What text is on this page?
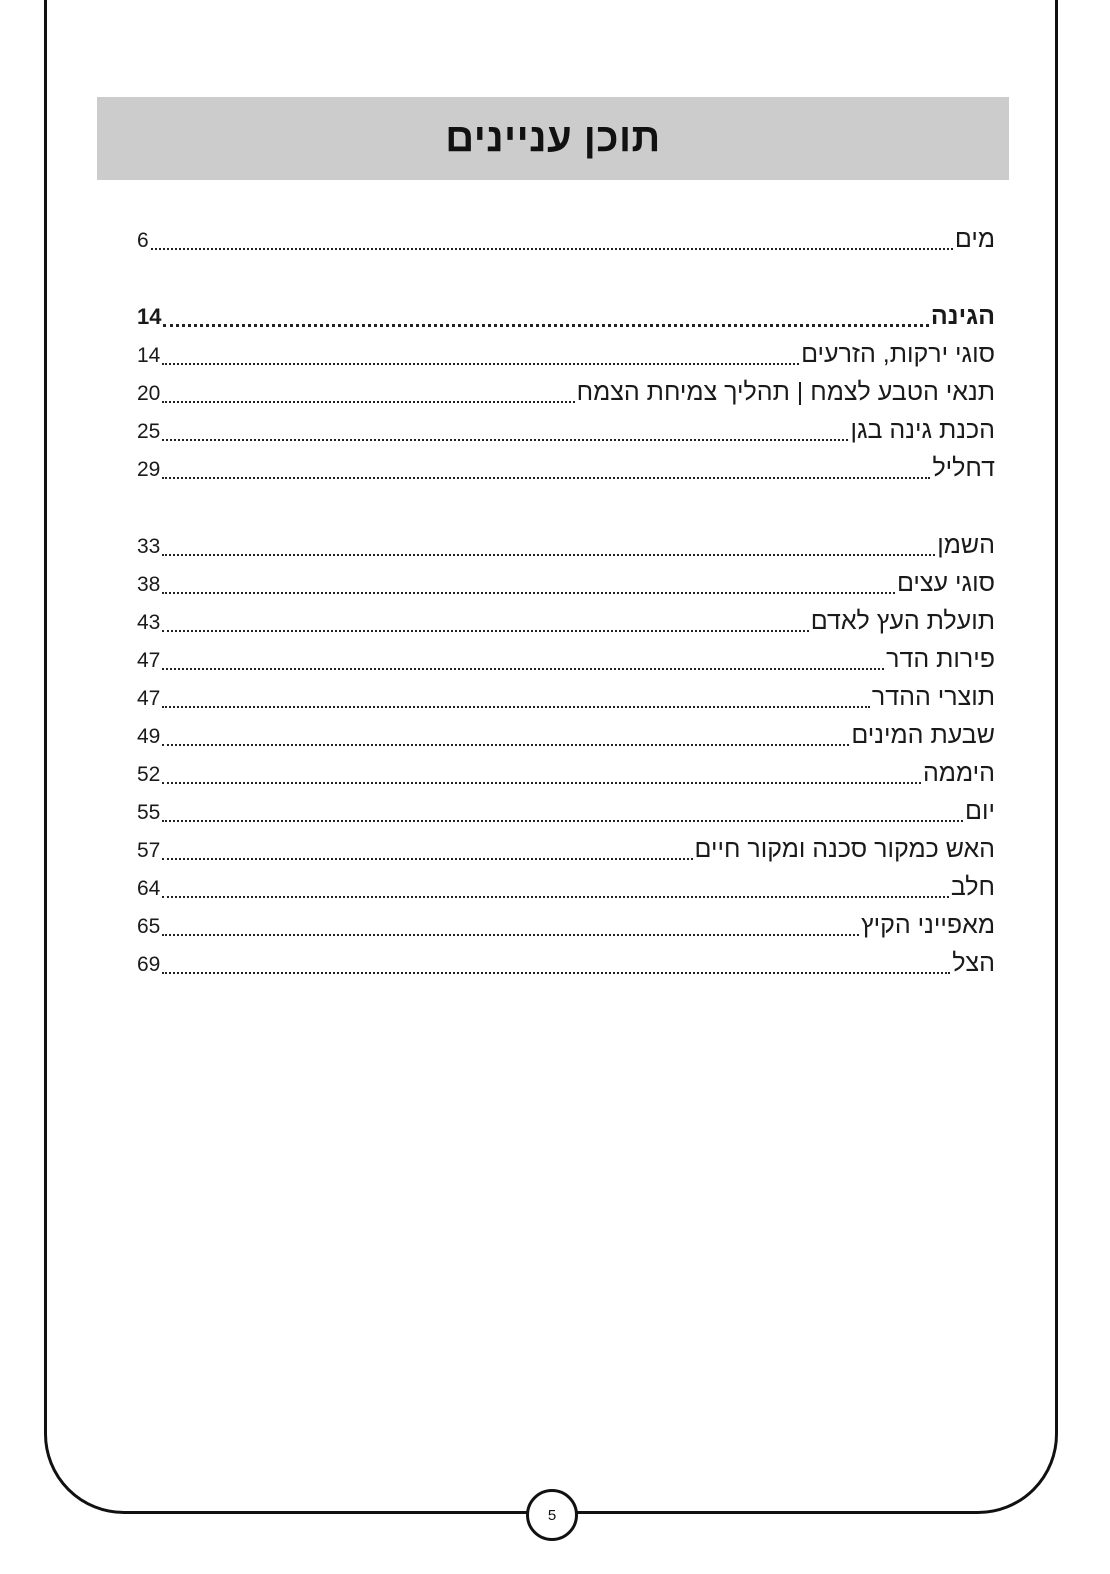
תוכן עניינים
מים
6
הגינה
14
סוגי ירקות, הזרעים
14
תנאי הטבע לצמח | תהליך צמיחת הצמח
20
הכנת גינה בגן
25
דחליל
29
השמן
33
סוגי עצים
38
תועלת העץ לאדם
43
פירות הדר
47
תוצרי ההדר
47
שבעת המינים
49
היממה
52
יום
55
האש כמקור סכנה ומקור חיים
57
חלב
64
מאפייני הקיץ
65
הצל
69
5
